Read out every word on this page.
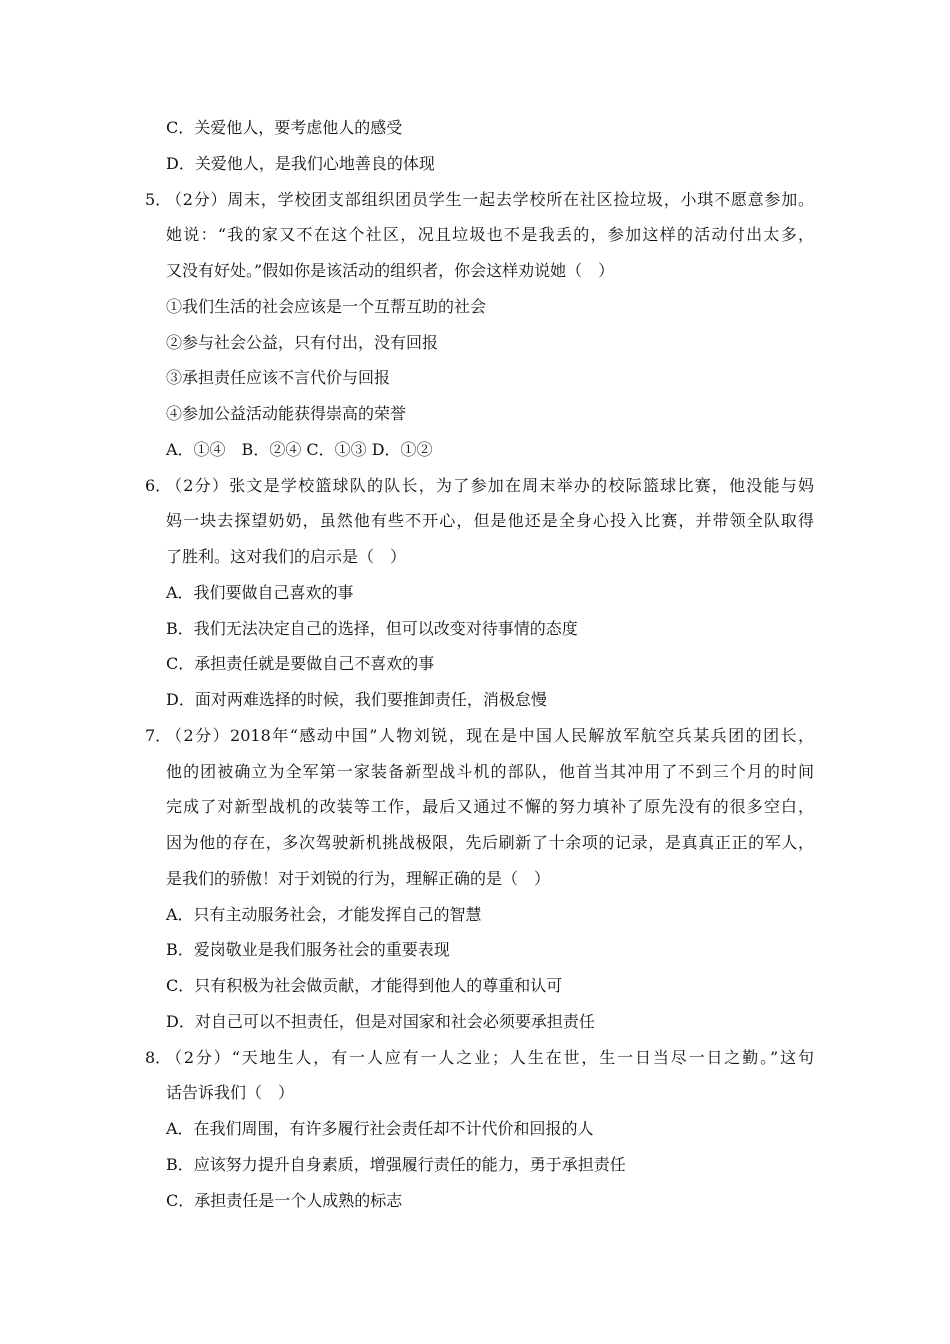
C．关爱他人，要考虑他人的感受
D．关爱他人，是我们心地善良的体现
5．
（2分）周末，学校团支部组织团员学生一起去学校所在社区捡垃圾，小琪不愿意参加。
她说：“我的家又不在这个社区，况且垃圾也不是我丢的，参加这样的活动付出太多，
又没有好处。”假如你是该活动的组织者，你会这样劝说她（　）
①我们生活的社会应该是一个互帮互助的社会
②参与社会公益，只有付出，没有回报
③承担责任应该不言代价与回报
④参加公益活动能获得崇高的荣誉
A．①④　B．②④ C．①③ D．①②
6．
（2分）张文是学校篮球队的队长，为了参加在周末举办的校际篮球比赛，他没能与妈
妈一块去探望奶奶，虽然他有些不开心，但是他还是全身心投入比赛，并带领全队取得
了胜利。这对我们的启示是（　）
A．我们要做自己喜欢的事
B．我们无法决定自己的选择，但可以改变对待事情的态度
C．承担责任就是要做自己不喜欢的事
D．面对两难选择的时候，我们要推卸责任，消极怠慢
7．
（2分）2018年“感动中国”人物刘锐，现在是中国人民解放军航空兵某兵团的团长，
他的团被确立为全军第一家装备新型战斗机的部队，他首当其冲用了不到三个月的时间
完成了对新型战机的改装等工作，最后又通过不懈的努力填补了原先没有的很多空白，
因为他的存在，多次驾驶新机挑战极限，先后刷新了十余项的记录，是真真正正的军人，
是我们的骄傲！对于刘锐的行为，理解正确的是（　）
A．只有主动服务社会，才能发挥自己的智慧
B．爱岗敬业是我们服务社会的重要表现
C．只有积极为社会做贡献，才能得到他人的尊重和认可
D．对自己可以不担责任，但是对国家和社会必须要承担责任
8．
（2分）“天地生人，有一人应有一人之业；人生在世，生一日当尽一日之勤。”这句
话告诉我们（　）
A．在我们周围，有许多履行社会责任却不计代价和回报的人
B．应该努力提升自身素质，增强履行责任的能力，勇于承担责任
C．承担责任是一个人成熟的标志
